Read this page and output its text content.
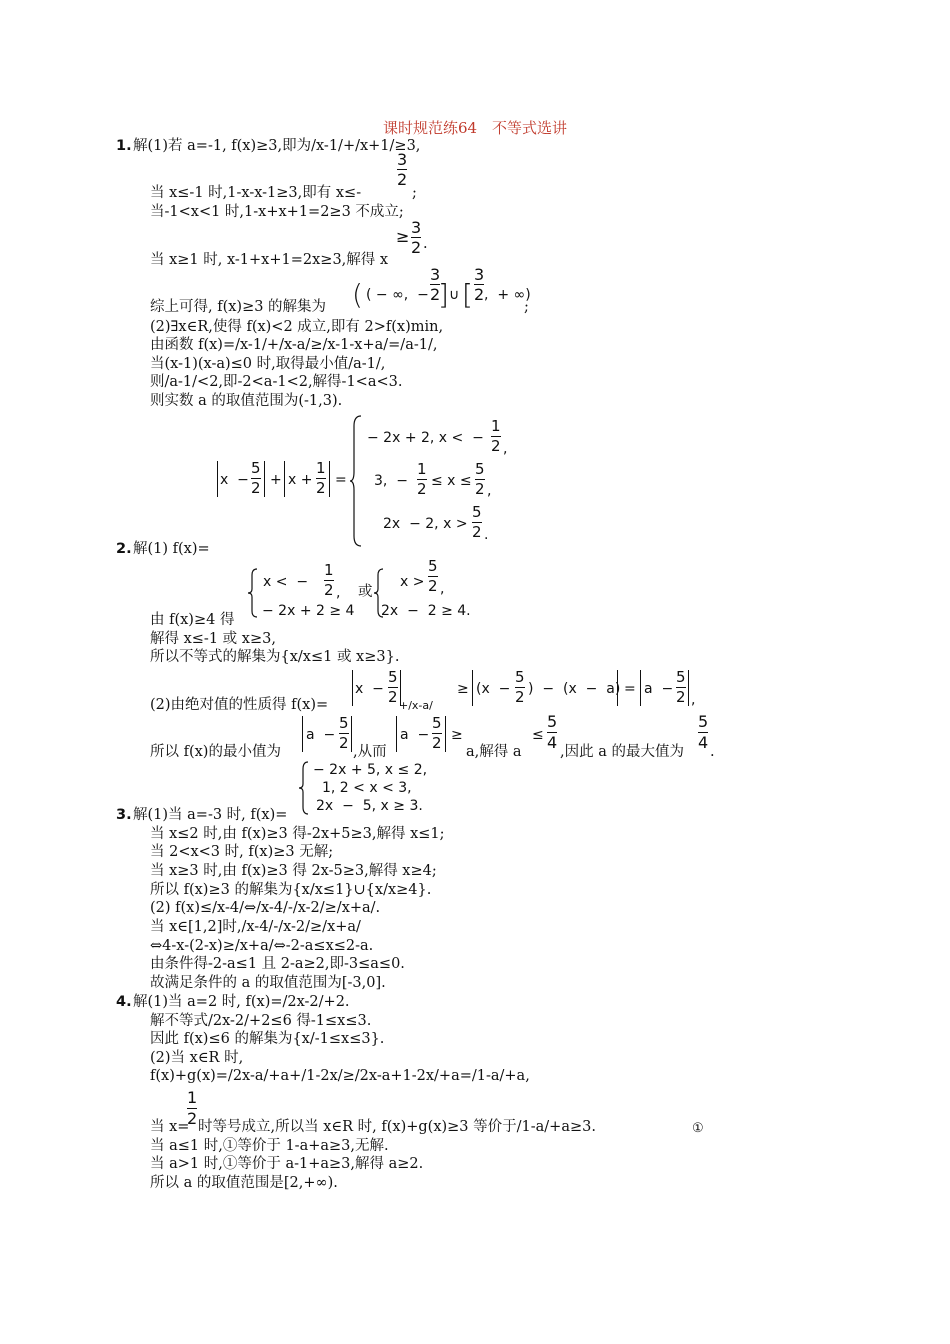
课时规范练64　不等式选讲
1. 解(1)若 a=-1, f(x)≥3,即为/x-1/+/x+1/≥3,
当 x≤-1 时,1-x-x-1≥3,即有 x≤-
3
2
;
当-1<x<1 时,1-x+x+1=2≥3 不成立;
当 x≥1 时, x-1+x+1=2x≥3,解得 x
≥ 3
2 .
综上可得, f(x)≥3 的解集为 ( ( − ∞,  −
3
2
] ∪ [
3
2 ,  + ∞)
;
(2)∃x∈R,使得 f(x)<2 成立,即有 2>f(x)min,
由函数 f(x)=/x-1/+/x-a/≥/x-1-x+a/=/a-1/,
当(x-1)(x-a)≤0 时,取得最小值/a-1/,
则/a-1/<2,即-2<a-1<2,解得-1<a<3.
则实数 a 的取值范围为(-1,3).
x  −
5
2 + x +
1
2 =
− 2x + 2, x <  −
1
2 ,
3,  −
1
2 ≤ x ≤
5
2 ,
2x  − 2, x >
5
2 .
2. 解(1) f(x)=
x <  −
1
2 ,
− 2x + 2 ≥ 4
或
x >
5
2 ,
2x  −  2 ≥ 4.
由 f(x)≥4 得
解得 x≤-1 或 x≥3,
所以不等式的解集为{x/x≤1 或 x≥3}.
(2)由绝对值的性质得 f(x)=
x  −
5
2 +/x-a/
≥ (x  −
5
2 )  −  (x  −  a) = a  −
5
2 ,
所以 f(x)的最小值为
a  −
5
2 ,从而
a  −
5
2 ≥
a,解得 a
≤
5
4 ,因此 a 的最大值为
5
4 .
− 2x + 5, x ≤ 2,
1, 2 < x < 3,
2x  −  5, x ≥ 3.
3. 解(1)当 a=-3 时, f(x)=
当 x≤2 时,由 f(x)≥3 得-2x+5≥3,解得 x≤1;
当 2<x<3 时, f(x)≥3 无解;
当 x≥3 时,由 f(x)≥3 得 2x-5≥3,解得 x≥4;
所以 f(x)≥3 的解集为{x/x≤1}∪{x/x≥4}.
(2) f(x)≤/x-4/⇔/x-4/-/x-2/≥/x+a/.
当 x∈[1,2]时,/x-4/-/x-2/≥/x+a/
⇔4-x-(2-x)≥/x+a/⇔-2-a≤x≤2-a.
由条件得-2-a≤1 且 2-a≥2,即-3≤a≤0.
故满足条件的 a 的取值范围为[-3,0].
4. 解(1)当 a=2 时, f(x)=/2x-2/+2.
解不等式/2x-2/+2≤6 得-1≤x≤3.
因此 f(x)≤6 的解集为{x/-1≤x≤3}.
(2)当 x∈R 时,
f(x)+g(x)=/2x-a/+a+/1-2x/≥/2x-a+1-2x/+a=/1-a/+a,
当 x=
1
2 时等号成立,所以当 x∈R 时, f(x)+g(x)≥3 等价于/1-a/+a≥3.	①
当 a≤1 时,①等价于 1-a+a≥3,无解.
当 a>1 时,①等价于 a-1+a≥3,解得 a≥2.
所以 a 的取值范围是[2,+∞).
